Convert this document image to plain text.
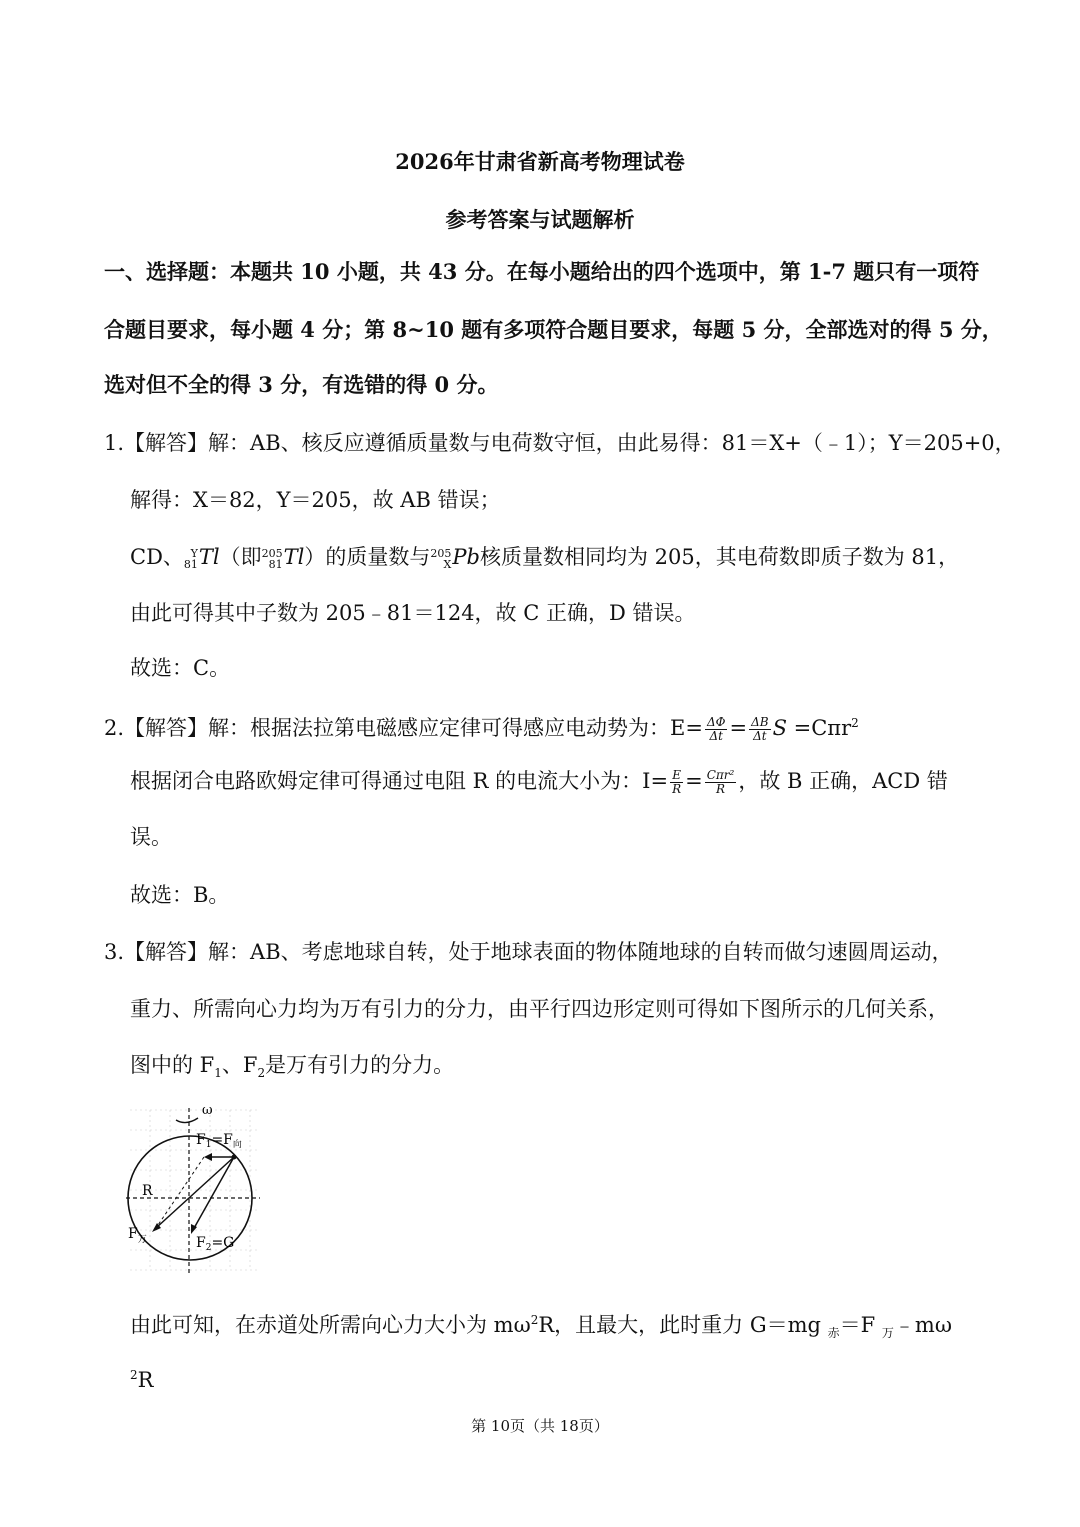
2026年甘肃省新高考物理试卷
参考答案与试题解析
一、选择题：本题共 10 小题，共 43 分。在每小题给出的四个选项中，第 1-7 题只有一项符
合题目要求，每小题 4 分；第 8~10 题有多项符合题目要求，每题 5 分，全部选对的得 5 分，
选对但不全的得 3 分，有选错的得 0 分。
1.【解答】解：AB、核反应遵循质量数与电荷数守恒，由此易得：81＝X+（﹣1）；Y＝205+0，
解得：X＝82，Y＝205，故 AB 错误；
CD、 Y
81 Tl（即 205
81 Tl）的质量数与 205
X Pb核质量数相同均为 205，其电荷数即质子数为 81，
由此可得其中子数为 205﹣81＝124，故 C 正确，D 错误。
故选：C。
2.【解答】解：根据法拉第电磁感应定律可得感应电动势为：$E= \frac{\Delta\Phi}{\Delta t} = \frac{\Delta B}{\Delta t}$ S =Cπr$^2$
根据闭合电路欧姆定律可得通过电阻 R 的电流大小为：$I= \frac{E}{R} = \frac{\text{Cπr²}}{R}$ ，故 B 正确，ACD 错
误。
故选：B。
3.【解答】解：AB、考虑地球自转，处于地球表面的物体随地球的自转而做匀速圆周运动，
重力、所需向心力均为万有引力的分力，由平行四边形定则可得如下图所示的几何关系，
图中的 $F_1$、$F_2$是万有引力的分力。
ω
$F_1=F_向$
R
$F_万$	$F_2=G$
由此可知，在赤道处所需向心力大小为 $m\omega^2R$，且最大，此时重力 G＝mg $_赤$＝F $_万$﹣mω
$^2$R
第 10页（共 18页）
